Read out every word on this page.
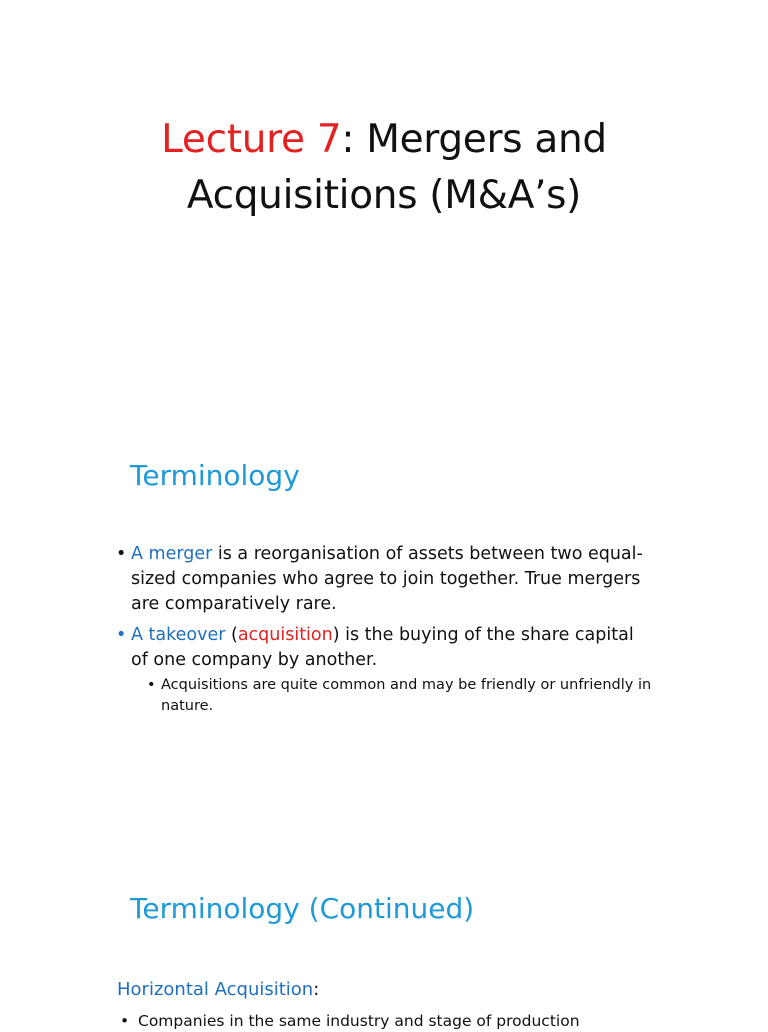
Lecture 7: Mergers and
Acquisitions (M&A’s)
Terminology
• A merger is a reorganisation of assets between two equal-sized companies who agree to join together. True mergers are comparatively rare.
• A takeover (acquisition) is the buying of the share capital of one company by another.
• Acquisitions are quite common and may be friendly or unfriendly in nature.
Terminology (Continued)
Horizontal Acquisition:
• Companies in the same industry and stage of production
